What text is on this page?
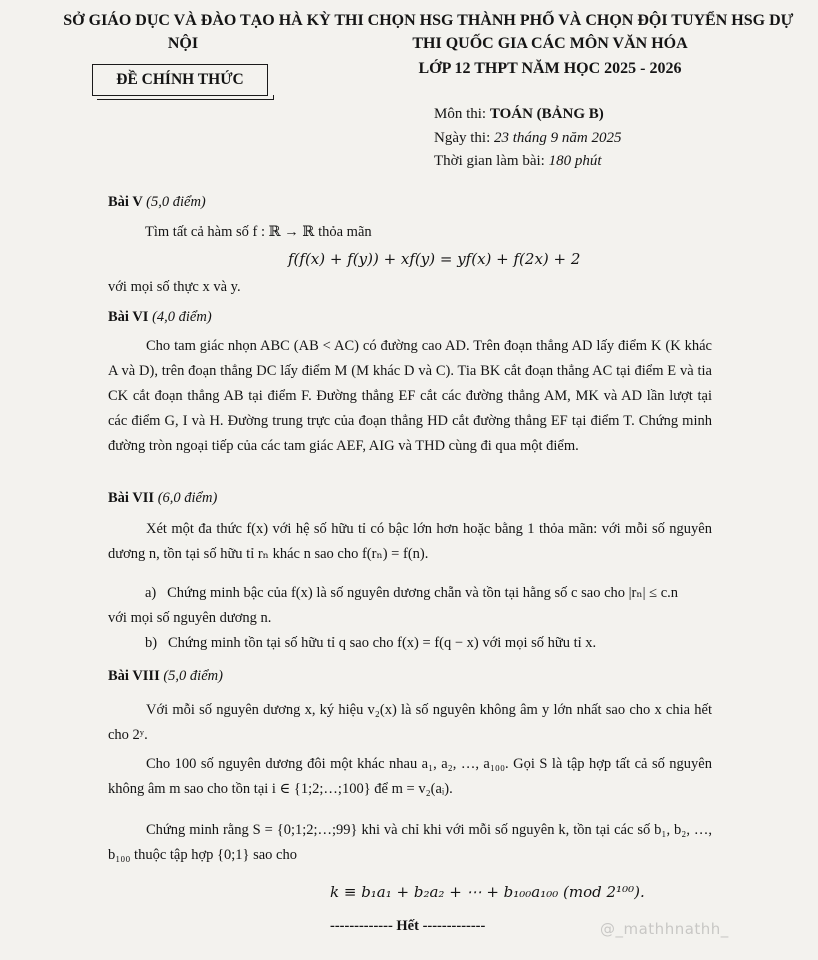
SỞ GIÁO DỤC VÀ ĐÀO TẠO HÀ NỘI
ĐỀ CHÍNH THỨC
KỲ THI CHỌN HSG THÀNH PHỐ VÀ CHỌN ĐỘI TUYỂN HSG DỰ THI QUỐC GIA CÁC MÔN VĂN HÓA
LỚP 12 THPT NĂM HỌC 2025 - 2026
Môn thi: TOÁN (BẢNG B)
Ngày thi: 23 tháng 9 năm 2025
Thời gian làm bài: 180 phút
Bài V (5,0 điểm)
Tìm tất cả hàm số f : ℝ → ℝ thỏa mãn
f(f(x) + f(y)) + xf(y) = yf(x) + f(2x) + 2
với mọi số thực x và y.
Bài VI (4,0 điểm)
Cho tam giác nhọn ABC (AB < AC) có đường cao AD. Trên đoạn thẳng AD lấy điểm K (K khác A và D), trên đoạn thẳng DC lấy điểm M (M khác D và C). Tia BK cắt đoạn thẳng AC tại điểm E và tia CK cắt đoạn thẳng AB tại điểm F. Đường thẳng EF cắt các đường thẳng AM, MK và AD lần lượt tại các điểm G, I và H. Đường trung trực của đoạn thẳng HD cắt đường thẳng EF tại điểm T. Chứng minh đường tròn ngoại tiếp của các tam giác AEF, AIG và THD cùng đi qua một điểm.
Bài VII (6,0 điểm)
Xét một đa thức f(x) với hệ số hữu tỉ có bậc lớn hơn hoặc bằng 1 thỏa mãn: với mỗi số nguyên dương n, tồn tại số hữu tỉ rₙ khác n sao cho f(rₙ) = f(n).
a) Chứng minh bậc của f(x) là số nguyên dương chẵn và tồn tại hằng số c sao cho |rₙ| ≤ c.n
với mọi số nguyên dương n.
b) Chứng minh tồn tại số hữu tỉ q sao cho f(x) = f(q − x) với mọi số hữu tỉ x.
Bài VIII (5,0 điểm)
Với mỗi số nguyên dương x, ký hiệu v₂(x) là số nguyên không âm y lớn nhất sao cho x chia hết cho 2ʸ.
Cho 100 số nguyên dương đôi một khác nhau a₁, a₂, …, a₁₀₀. Gọi S là tập hợp tất cả số nguyên không âm m sao cho tồn tại i ∈ {1;2;…;100} để m = v₂(aᵢ).
Chứng minh rằng S = {0;1;2;…;99} khi và chỉ khi với mỗi số nguyên k, tồn tại các số b₁, b₂, …, b₁₀₀ thuộc tập hợp {0;1} sao cho
k ≡ b₁a₁ + b₂a₂ + ⋯ + b₁₀₀a₁₀₀ (mod 2¹⁰⁰).
------------- Hết -------------	@_mathhnathh_
